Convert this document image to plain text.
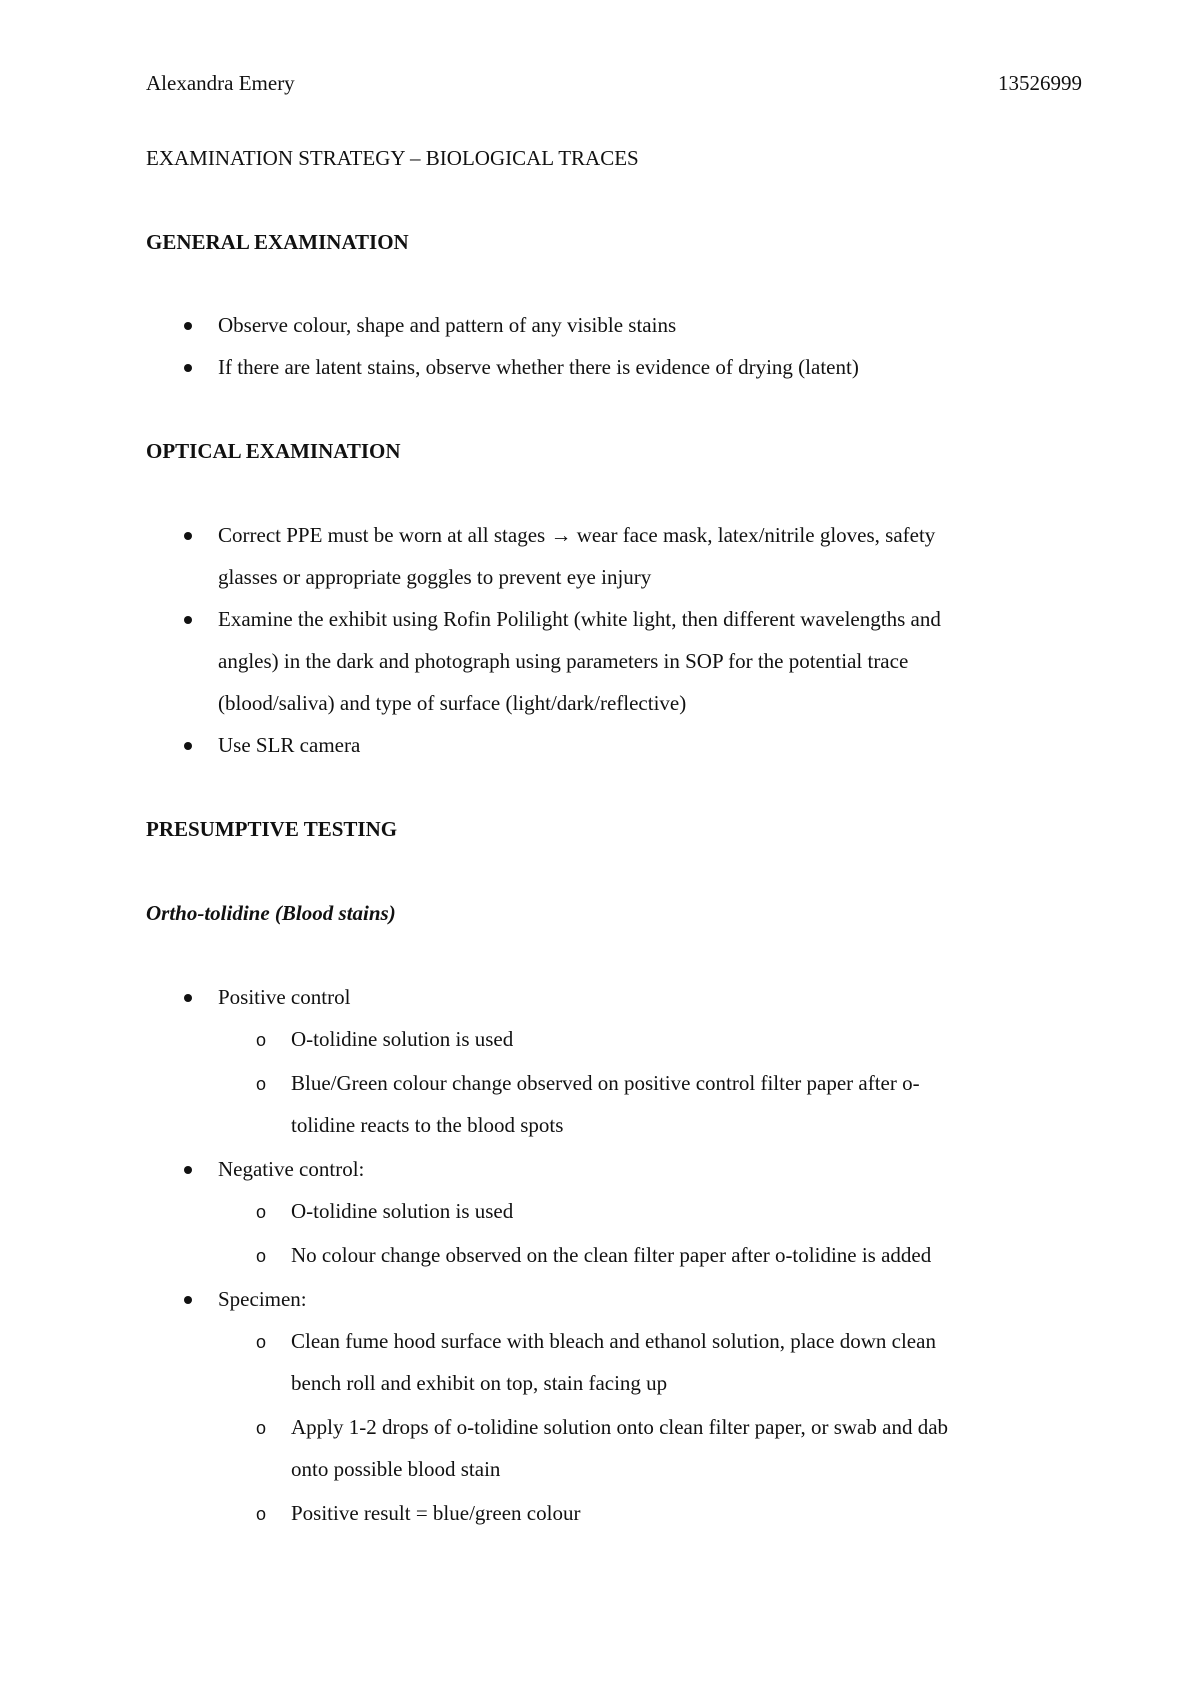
Alexandra Emery	13526999
EXAMINATION STRATEGY – BIOLOGICAL TRACES
GENERAL EXAMINATION
Observe colour, shape and pattern of any visible stains
If there are latent stains, observe whether there is evidence of drying (latent)
OPTICAL EXAMINATION
Correct PPE must be worn at all stages → wear face mask, latex/nitrile gloves, safety
glasses or appropriate goggles to prevent eye injury
Examine the exhibit using Rofin Polilight (white light, then different wavelengths and
angles) in the dark and photograph using parameters in SOP for the potential trace
(blood/saliva) and type of surface (light/dark/reflective)
Use SLR camera
PRESUMPTIVE TESTING
Ortho-tolidine (Blood stains)
Positive control
o O-tolidine solution is used
o Blue/Green colour change observed on positive control filter paper after o-
tolidine reacts to the blood spots
Negative control:
o O-tolidine solution is used
o No colour change observed on the clean filter paper after o-tolidine is added
Specimen:
o Clean fume hood surface with bleach and ethanol solution, place down clean
bench roll and exhibit on top, stain facing up
o Apply 1-2 drops of o-tolidine solution onto clean filter paper, or swab and dab
onto possible blood stain
o Positive result = blue/green colour
